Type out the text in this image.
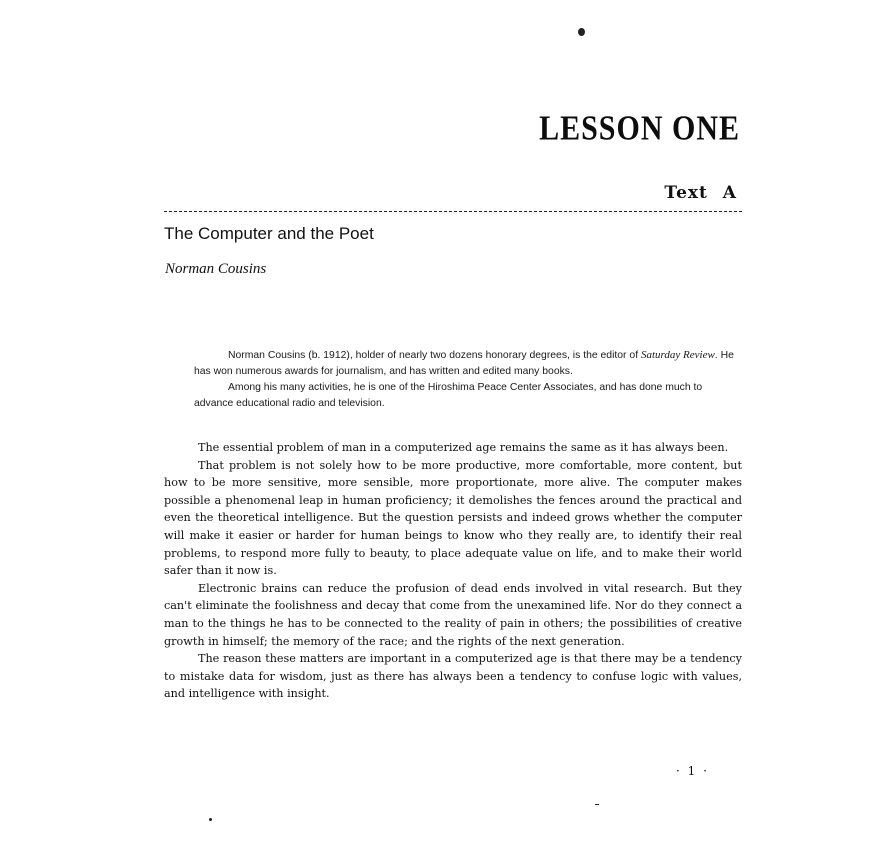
LESSON ONE
Text A
The Computer and the Poet
Norman Cousins

Norman Cousins (b. 1912), holder of nearly two dozens honorary degrees, is the editor of Saturday Review. He has won numerous awards for journalism, and has written and edited many books.

Among his many activities, he is one of the Hiroshima Peace Center Associates, and has done much to advance educational radio and television.

The essential problem of man in a computerized age remains the same as it has always been.

That problem is not solely how to be more productive, more comfortable, more content, but how to be more sensitive, more sensible, more proportionate, more alive. The computer makes possible a phenomenal leap in human proficiency; it demolishes the fences around the practical and even the theoretical intelligence. But the question persists and indeed grows whether the computer will make it easier or harder for human beings to know who they really are, to identify their real problems, to respond more fully to beauty, to place adequate value on life, and to make their world safer than it now is.

Electronic brains can reduce the profusion of dead ends involved in vital research. But they can't eliminate the foolishness and decay that come from the unexamined life. Nor do they connect a man to the things he has to be connected to the reality of pain in others; the possibilities of creative growth in himself; the memory of the race; and the rights of the next generation.

The reason these matters are important in a computerized age is that there may be a tendency to mistake data for wisdom, just as there has always been a tendency to confuse logic with values, and intelligence with insight.

· 1 ·
